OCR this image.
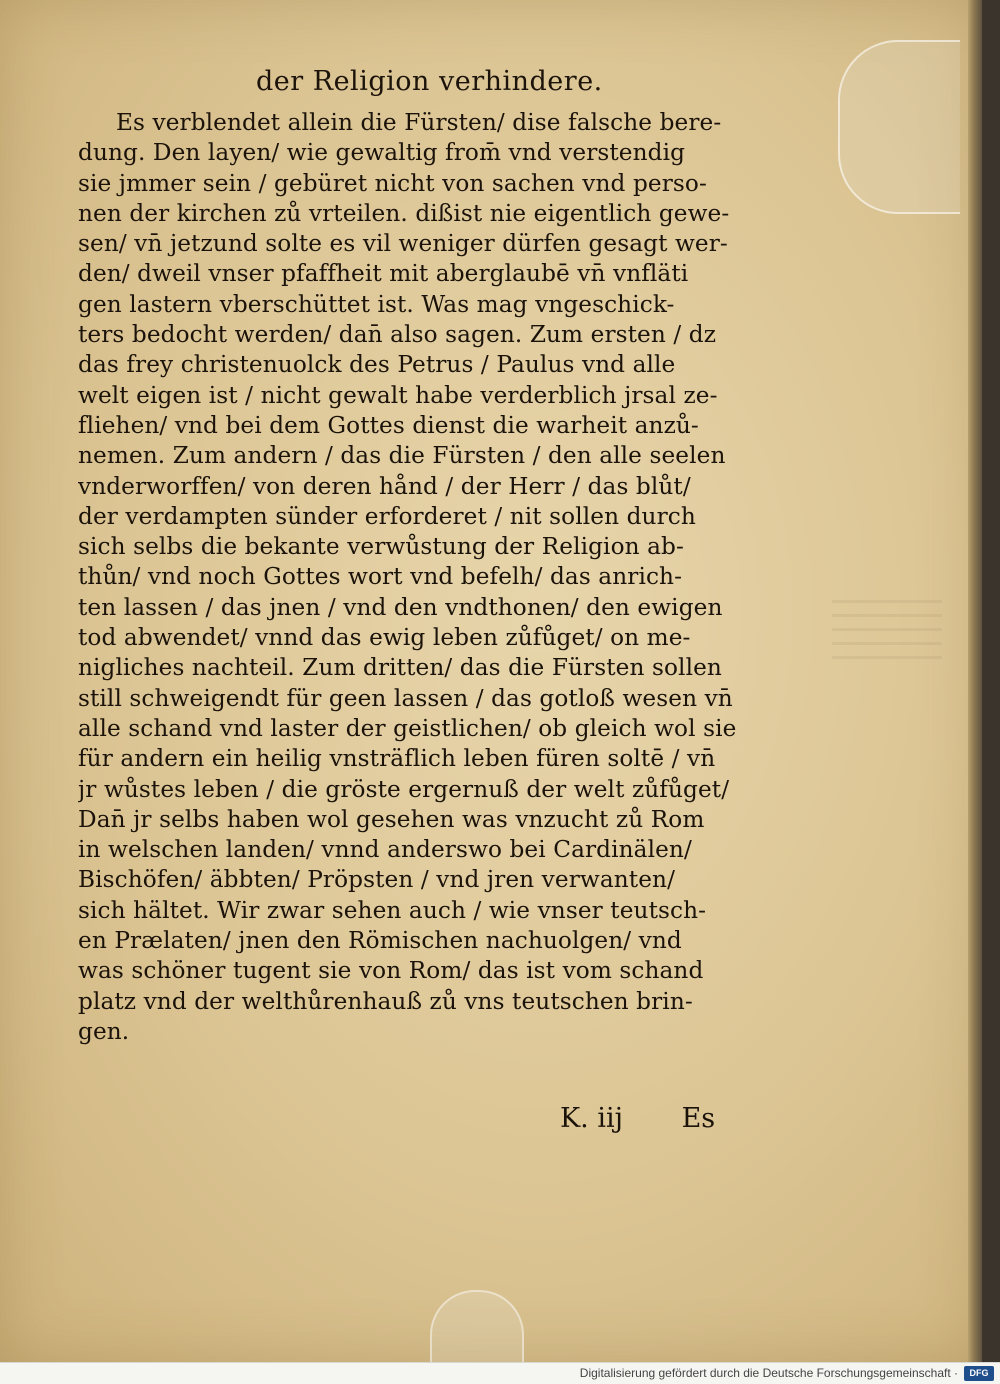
der Religion verhindere.
Es verblendet allein die Fürsten/ dise falsche bere-
dung. Den layen/ wie gewaltig from̄ vnd verstendig
sie jmmer sein / gebüret nicht von sachen vnd perso-
nen der kirchen zů vrteilen. dißist nie eigentlich gewe-
sen/ vn̄ jetzund solte es vil weniger dürfen gesagt wer-
den/ dweil vnser pfaffheit mit aberglaubē vn̄ vnfläti
gen lastern vberschüttet ist. Was mag vngeschick-
ters bedocht werden/ dan̄ also sagen. Zum ersten / dz
das frey christenuolck des Petrus / Paulus vnd alle
welt eigen ist / nicht gewalt habe verderblich jrsal ze-
fliehen/ vnd bei dem Gottes dienst die warheit anzů-
nemen. Zum andern / das die Fürsten / den alle seelen
vnderworffen/ von deren hånd / der Herr / das blůt/
der verdampten sünder erforderet / nit sollen durch
sich selbs die bekante verwůstung der Religion ab-
thůn/ vnd noch Gottes wort vnd befelh/ das anrich-
ten lassen / das jnen / vnd den vndthonen/ den ewigen
tod abwendet/ vnnd das ewig leben zůfůget/ on me-
nigliches nachteil. Zum dritten/ das die Fürsten sollen
still schweigendt für geen lassen / das gotloß wesen vn̄
alle schand vnd laster der geistlichen/ ob gleich wol sie
für andern ein heilig vnsträflich leben füren soltē / vn̄
jr wůstes leben / die gröste ergernuß der welt zůfůget/
Dan̄ jr selbs haben wol gesehen was vnzucht zů Rom
in welschen landen/ vnnd anderswo bei Cardinälen/
Bischöfen/ äbbten/ Pröpsten / vnd jren verwanten/
sich hältet. Wir zwar sehen auch / wie vnser teutsch-
en Prælaten/ jnen den Römischen nachuolgen/ vnd
was schöner tugent sie von Rom/ das ist vom schand
platz vnd der welthůrenhauß zů vns teutschen brin-
gen.
K. iij Es
Digitalisierung gefördert durch die Deutsche Forschungsgemeinschaft ·	DFG
